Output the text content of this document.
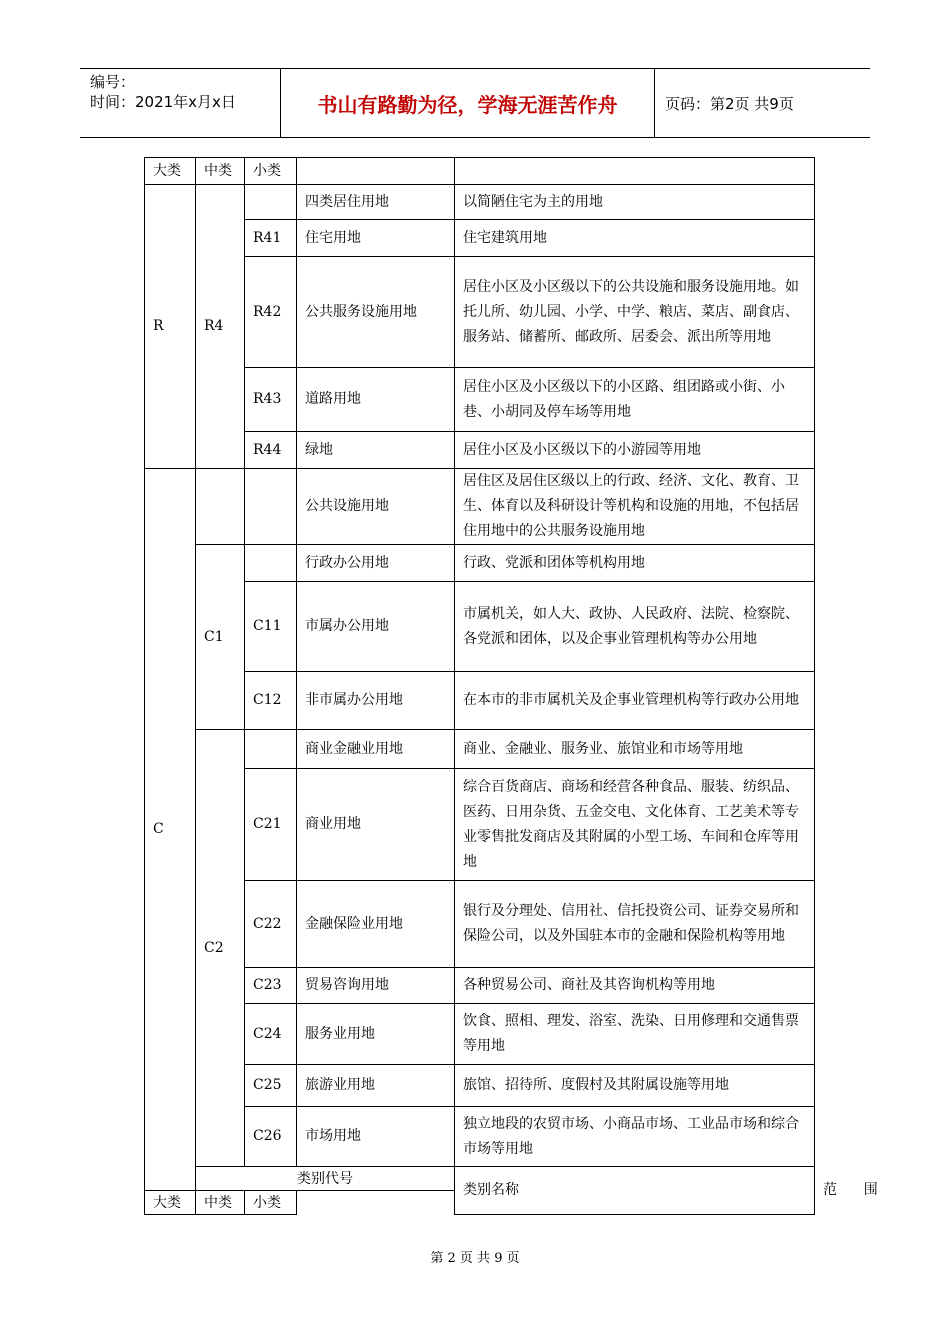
编号：
时间：2021年x月x日	书山有路勤为径，学海无涯苦作舟	页码：第2页 共9页
大类	中类	小类			
R	R4		四类居住用地	以简陋住宅为主的用地	
		R41	住宅用地	住宅建筑用地	
		R42	公共服务设施用地	居住小区及小区级以下的公共设施和服务设施用地。如托儿所、幼儿园、小学、中学、粮店、菜店、副食店、服务站、储蓄所、邮政所、居委会、派出所等用地	
		R43	道路用地	居住小区及小区级以下的小区路、组团路或小街、小巷、小胡同及停车场等用地	
		R44	绿地	居住小区及小区级以下的小游园等用地	

C			公共设施用地	居住区及居住区级以上的行政、经济、文化、教育、卫生、体育以及科研设计等机构和设施的用地，不包括居住用地中的公共服务设施用地	
	C1		行政办公用地	行政、党派和团体等机构用地	
		C11	市属办公用地	市属机关，如人大、政协、人民政府、法院、检察院、各党派和团体，以及企事业管理机构等办公用地	
		C12	非市属办公用地	在本市的非市属机关及企事业管理机构等行政办公用地	
	C2		商业金融业用地	商业、金融业、服务业、旅馆业和市场等用地	
		C21	商业用地	综合百货商店、商场和经营各种食品、服装、纺织品、医药、日用杂货、五金交电、文化体育、工艺美术等专业零售批发商店及其附属的小型工场、车间和仓库等用地	
		C22	金融保险业用地	银行及分理处、信用社、信托投资公司、证券交易所和保险公司，以及外国驻本市的金融和保险机构等用地	
		C23	贸易咨询用地	各种贸易公司、商社及其咨询机构等用地	
		C24	服务业用地	饮食、照相、理发、浴室、洗染、日用修理和交通售票等用地	
		C25	旅游业用地	旅馆、招待所、度假村及其附属设施等用地	
		C26	市场用地	独立地段的农贸市场、小商品市场、工业品市场和综合市场等用地	

	类别代号			类别名称	范      围
大类	中类	小类			
第 2 页 共 9 页
